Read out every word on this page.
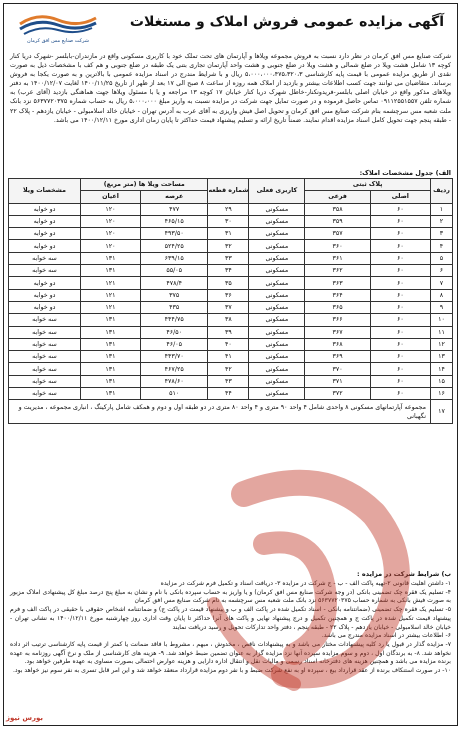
شرکت صنایع مس افق کرمان
آگهی مزایده عمومی فروش املاک و مستغلات

شرکت صنایع مس افق کرمان در نظر دارد نسبت به فروش مجموعه ویلاها و آپارتمان های تحت تملک خود با کاربری مسکونی واقع در مازندران-بابلسر -شهرک دریا کنار کوچه ۱۳ شامل هشت ویلا در ضلع شمالی و هشت ویلا در ضلع جنوبی و هشت واحد آپارتمان تجاری بتنی یک طبقه در ضلع جنوبی و هم کف با مشخصات ذیل به صورت نقدی از طریق مزایده عمومی با قیمت پایه کارشناسی ۵،۰۰۰،۰۰۰،۴۷۵،۳۲۰،۳ ریال و با شرایط مندرج در اسناد مزایده عمومی با بالاترین و به صورت یکجا به فروش برساند. متقاضیان می توانند جهت کسب اطلاعات بیشتر و بازدید از املاک همه روزه از ساعت ۸ صبح الی ۱۷ بعد از ظهر از تاریخ ۱۴۰۰/۱۱/۲۵ لغایت ۱۴۰۰/۱۲/۰۷ به دفتر ویلاهای مذکور واقع در خیابان اصلی بابلسر-فریدونکنار-خاطل شهرک دریا کنار خیابان ۱۷ کوچه ۱۳ مراجعه و یا با مسئول ویلاها جهت هماهنگی بازدید (آقای عرب) به شماره تلفن ۰۹۱۱۲۵۵۱۵۵۷ تماس حاصل فرموده و در صورت تمایل جهت شرکت در مزایده نسبت به واریز مبلغ ۵،۰۰۰،۰۰۰ ریال به حساب شماره ۵۶۳۷۷۲۰۳۷۵ نزد بانک ملت شعبه مس سرچشمه بنام شرکت صنایع مس افق کرمان و تحویل اصل فیش واریزی به آقای عرب به آدرس تهران - خیابان خالد اسلامبولی - خیابان یازدهم - پلاک ۲۲ - طبقه پنجم جهت تحویل کامل اسناد مزایده اقدام نمایند. ضمناً تاریخ ارائه و تسلیم پیشنهاد قیمت حداکثر تا پایان زمان اداری مورخ ۱۴۰۰/۱۲/۱۱ می باشد.

الف) جدول مشخصات املاک:
ردیف	پلاک ثبتی		کاربری فعلی	شماره قطعه	مساحت ویلا ها (متر مربع)		مشخصات ویلا
	اصلی	فرعی			عرصه	اعیان	
۱	۶۰	۳۵۸	مسکونی	۲۹	۴۷۷	۱۲۰	دو خوابه
۲	۶۰	۳۵۹	مسکونی	۳۰	۴۶۵/۱۵	۱۲۰	دو خوابه
۳	۶۰	۳۵۷	مسکونی	۳۱	۴۹۳/۵۰	۱۲۰	دو خوابه
۴	۶۰	۳۶۰	مسکونی	۳۲	۵۲۴/۲۵	۱۲۰	دو خوابه
۵	۶۰	۳۶۱	مسکونی	۳۳	۶۳۹/۱۵	۱۳۱	سه خوابه
۶	۶۰	۳۶۲	مسکونی	۳۴	۵۵/۰۵	۱۳۱	سه خوابه
۷	۶۰	۳۶۳	مسکونی	۳۵	۴۷۸/۴	۱۲۱	دو خوابه
۸	۶۰	۳۶۴	مسکونی	۳۶	۳۷۵	۱۲۱	دو خوابه
۹	۶۰	۳۶۵	مسکونی	۳۷	۴۳۵	۱۲۱	دو خوابه
۱۰	۶۰	۳۶۶	مسکونی	۳۸	۴۴۴/۷۵	۱۳۱	سه خوابه
۱۱	۶۰	۳۶۷	مسکونی	۳۹	۴۶/۵۰	۱۳۱	سه خوابه
۱۲	۶۰	۳۶۸	مسکونی	۴۰	۴۶/۰۵	۱۳۱	سه خوابه
۱۳	۶۰	۳۶۹	مسکونی	۴۱	۴۴۳/۷۰	۱۳۱	سه خوابه
۱۴	۶۰	۳۷۰	مسکونی	۴۲	۴۶۷/۲۵	۱۳۱	سه خوابه
۱۵	۶۰	۳۷۱	مسکونی	۴۳	۴۷۸/۶۰	۱۳۱	سه خوابه
۱۶	۶۰	۳۷۲	مسکونی	۴۴	۵۱۰	۱۳۱	سه خوابه
۱۷	مجموعه آپارتمانهای مسکونی ۸ واحدی شامل ۴ واحد ۹۰ متری و ۴ واحد ۸۰ متری در دو طبقه اول و دوم و همکف شامل پارکینگ ، انباری مجموعه ، مدیریت و نگهبانی						
ب) شرایط شرکت در مزایده :
۱- داشتن اهلیت قانونی ۲-تهیه پاکت الف - ب - ج شرکت در مزایده ۳- دریافت اسناد و تکمیل فرم شرکت در مزایده
۴- تسلیم یک فقره چک تضمینی بانکی (در وجه شرکت صنایع مس افق کرمان) و یا واریز به حساب سپرده بانکی با نام و نشان به مبلغ پنج درصد مبلغ کل پیشنهادی املاک مزبور به صورت فیش بانکی به شماره حساب ۵۶۳۷۷۲۰۳۷۵ نزد بانک ملت شعبه مس سرچشمه به نام شرکت صنایع مس افق کرمان
۵- تسلیم یک فقره چک تضمینی (ضمانتنامه بانکی - اسناد تکمیل شده در پاکت الف و ب و پیشنهاد قیمت در پاکت ج) و ضمانتنامه اشخاص حقوقی با حقیقی در پاکت الف و فرم پیشنهاد قیمت تکمیل شده در پاکت ج و همچنین تکمیل و درج پیشنهاد نهایی و پاکت های آنرا حداکثر تا پایان وقت اداری روز چهارشنبه مورخ ۱۴۰۰/۱۲/۱۱ به نشانی تهران - خیابان خالد اسلامبولی - خیابان یازدهم - پلاک ۲۲ - طبقه پنجم ، دفتر واحد تدارکات تحویل و رسید دریافت نمایند
۶- اطلاعات بیشتر در اسناد مزایده مندرج می باشد.
۷- مزایده گذار در قبول یا رد کلیه پیشنهادات مختار می باشد و به پیشنهادات ناقص ، مخدوش ، مبهم ، مشروط با فاقد ضمانت یا کمتر از قیمت پایه کارشناسی ترتیب اثر داده نخواهد شد. ۸- به برندگان اول ، دوم و سوم مزایده سپرده آنها نزد مزایده گزار به عنوان تضمین ضبط خواهد شد. ۹- هزینه های کارشناسی از ملک و نرخ آگهی روزنامه به عهده برنده مزایده می باشد و همچنین هزینه های دفترخانه اسناد رسمی و مالیات نقل و انتقال اداره دارایی و هزینه عوارض احتمالی بصورت مساوی به عهده طرفین خواهد بود.
۱۰- در صورت استنکاف برنده از عقد قرارداد بیع ، سپرده او به نفع شرکت ضبط و با نفر دوم مزایده قرارداد منعقد خواهد شد و این امر قابل تسری به نفر سوم نیز خواهد بود.
بورس نیوز
